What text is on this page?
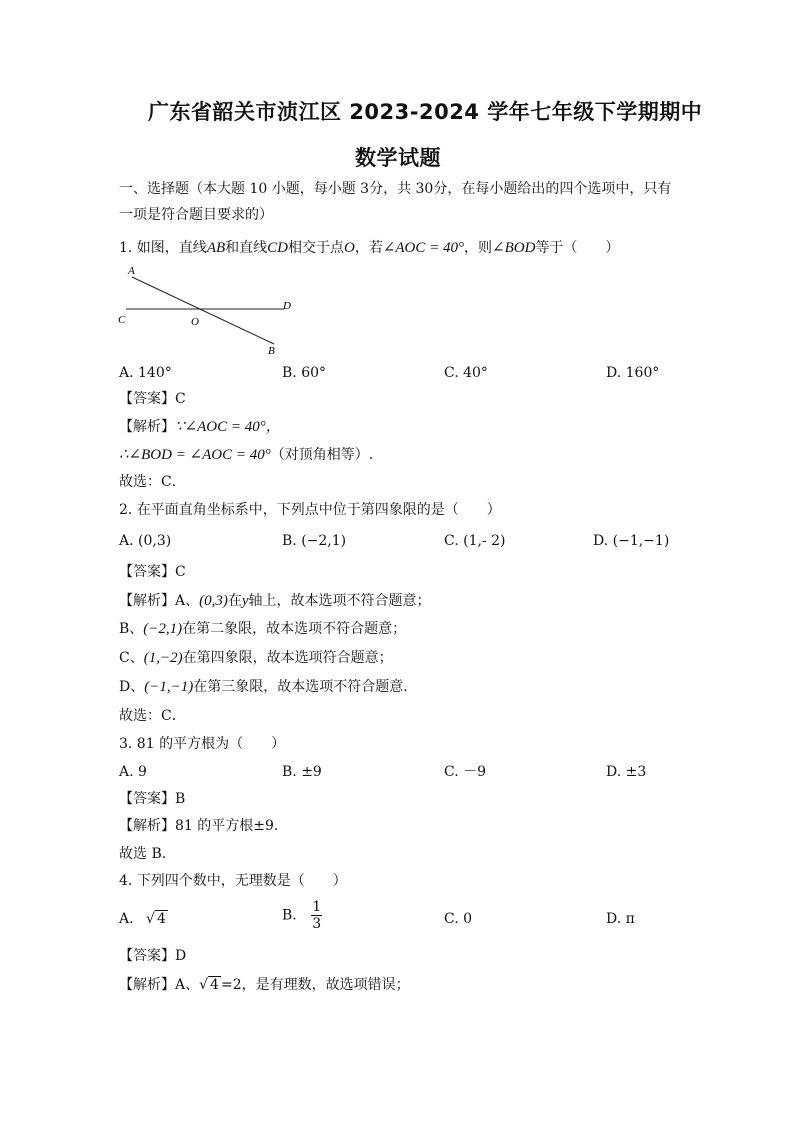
广东省韶关市浈江区 2023-2024 学年七年级下学期期中
数学试题
一、选择题（本大题 10 小题，每小题 3分，共 30分，在每小题给出的四个选项中，只有
一项是符合题目要求的）
1. 如图，直线AB和直线CD相交于点O，若∠AOC = 40°，则∠BOD等于（　　）
A
B
C
D
O
A. 140°	B. 60°	C. 40°	D. 160°
【答案】C
【解析】∵∠AOC = 40°，
∴∠BOD = ∠AOC = 40°（对顶角相等）.
故选：C．
2. 在平面直角坐标系中，下列点中位于第四象限的是（　　）
A. (0,3)	B. (−2,1)	C. (1,- 2)	D. (−1,−1)
【答案】C
【解析】A、(0,3)在y轴上，故本选项不符合题意；
B、(−2,1)在第二象限，故本选项不符合题意；
C、(1,−2)在第四象限，故本选项符合题意；
D、(−1,−1)在第三象限，故本选项不符合题意．
故选：C．
3. 81 的平方根为（　　）
A. 9	B. ±9	C. －9	D. ±3
【答案】B
【解析】81 的平方根±9.
故选 B.
4. 下列四个数中，无理数是（　　）
A. √ 4	B. $\frac{1}{3}$	C. 0	D. π
【答案】D
【解析】A、√ 4 =2，是有理数，故选项错误；
